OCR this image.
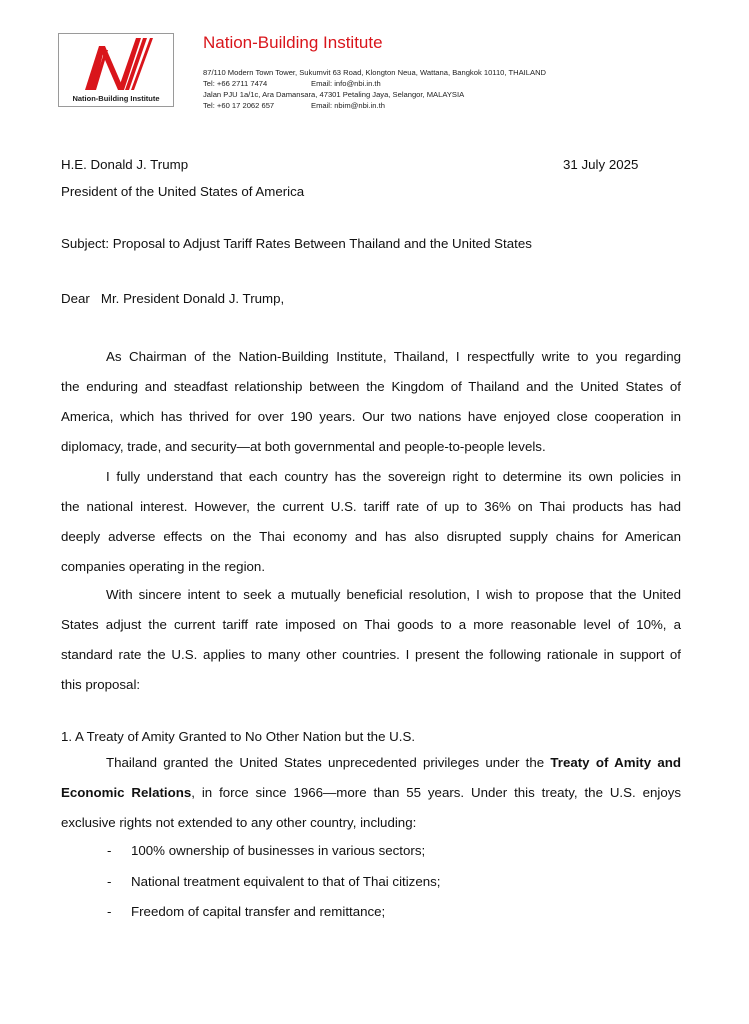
Nation-Building Institute
Nation-Building Institute
87/110 Modern Town Tower, Sukumvit 63 Road, Klongton Neua, Wattana, Bangkok 10110, THAILAND
Tel: +66 2711 7474	Email: info@nbi.in.th
Jalan PJU 1a/1c, Ara Damansara, 47301 Petaling Jaya, Selangor, MALAYSIA
Tel: +60 17 2062 657	Email: nbim@nbi.in.th
H.E. Donald J. Trump	31 July 2025
President of the United States of America
Subject: Proposal to Adjust Tariff Rates Between Thailand and the United States
Dear   Mr. President Donald J. Trump,
As Chairman of the Nation-Building Institute, Thailand, I respectfully write to you regarding
the enduring and steadfast relationship between the Kingdom of Thailand and the United States of
America, which has thrived for over 190 years. Our two nations have enjoyed close cooperation in
diplomacy, trade, and security—at both governmental and people-to-people levels.
I fully understand that each country has the sovereign right to determine its own policies in
the national interest. However, the current U.S. tariff rate of up to 36% on Thai products has had
deeply adverse effects on the Thai economy and has also disrupted supply chains for American
companies operating in the region.
With sincere intent to seek a mutually beneficial resolution, I wish to propose that the United
States adjust the current tariff rate imposed on Thai goods to a more reasonable level of 10%, a
standard rate the U.S. applies to many other countries. I present the following rationale in support of
this proposal:
1. A Treaty of Amity Granted to No Other Nation but the U.S.
Thailand granted the United States unprecedented privileges under the Treaty of Amity and
Economic Relations, in force since 1966—more than 55 years. Under this treaty, the U.S. enjoys
exclusive rights not extended to any other country, including:
- 100% ownership of businesses in various sectors;
- National treatment equivalent to that of Thai citizens;
- Freedom of capital transfer and remittance;
